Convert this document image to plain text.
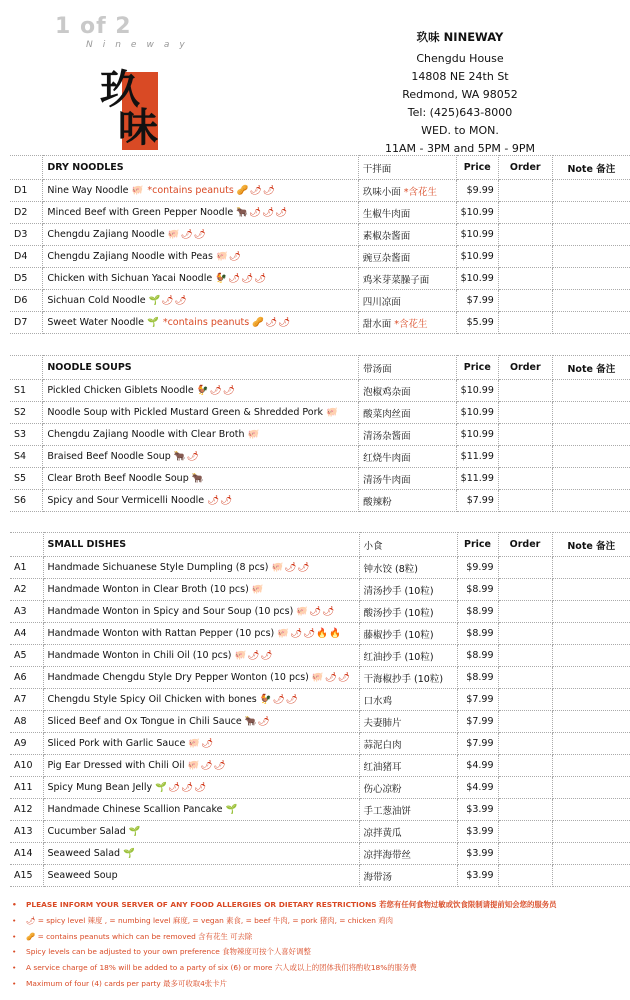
1 of 2
Nineway
玖
味
玖味 NINEWAY
Chengdu House
14808 NE 24th St
Redmond, WA 98052
Tel: (425)643-8000
WED. to MON.
11AM - 3PM and 5PM - 9PM
	DRY NOODLES	干拌面	Price	Order	Note 备注
D1	Nine Way Noodle 🐖 *contains peanuts 🥜🌶🌶	玖味小面 *含花生	$9.99		
D2	Minced Beef with Green Pepper Noodle 🐂🌶🌶🌶	生椒牛肉面	$10.99		
D3	Chengdu Zajiang Noodle 🐖🌶🌶	素椒杂酱面	$10.99		
D4	Chengdu Zajiang Noodle with Peas 🐖🌶	豌豆杂酱面	$10.99		
D5	Chicken with Sichuan Yacai Noodle 🐓🌶🌶🌶	鸡米芽菜臊子面	$10.99		
D6	Sichuan Cold Noodle 🌱🌶🌶	四川凉面	$7.99		
D7	Sweet Water Noodle 🌱 *contains peanuts 🥜🌶🌶	甜水面 *含花生	$5.99		
	NOODLE SOUPS	带汤面	Price	Order	Note 备注
S1	Pickled Chicken Giblets Noodle 🐓🌶🌶	泡椒鸡杂面	$10.99		
S2	Noodle Soup with Pickled Mustard Green & Shredded Pork 🐖	酸菜肉丝面	$10.99		
S3	Chengdu Zajiang Noodle with Clear Broth 🐖	清汤杂酱面	$10.99		
S4	Braised Beef Noodle Soup 🐂🌶	红烧牛肉面	$11.99		
S5	Clear Broth Beef Noodle Soup 🐂	清汤牛肉面	$11.99		
S6	Spicy and Sour Vermicelli Noodle 🌶🌶	酸辣粉	$7.99		
	SMALL DISHES	小食	Price	Order	Note 备注
A1	Handmade Sichuanese Style Dumpling (8 pcs) 🐖🌶🌶	钟水饺 (8粒)	$9.99		
A2	Handmade Wonton in Clear Broth (10 pcs) 🐖	清汤抄手 (10粒)	$8.99		
A3	Handmade Wonton in Spicy and Sour Soup (10 pcs) 🐖🌶🌶	酸汤抄手 (10粒)	$8.99		
A4	Handmade Wonton with Rattan Pepper (10 pcs) 🐖🌶🌶🔥🔥	藤椒抄手 (10粒)	$8.99		
A5	Handmade Wonton in Chili Oil (10 pcs) 🐖🌶🌶	红油抄手 (10粒)	$8.99		
A6	Handmade Chengdu Style Dry Pepper Wonton (10 pcs) 🐖🌶🌶	干海椒抄手 (10粒)	$8.99		
A7	Chengdu Style Spicy Oil Chicken with bones 🐓🌶🌶	口水鸡	$7.99		
A8	Sliced Beef and Ox Tongue in Chili Sauce 🐂🌶	夫妻肺片	$7.99		
A9	Sliced Pork with Garlic Sauce 🐖🌶	蒜泥白肉	$7.99		
A10	Pig Ear Dressed with Chili Oil 🐖🌶🌶	红油猪耳	$4.99		
A11	Spicy Mung Bean Jelly 🌱🌶🌶🌶	伤心凉粉	$4.99		
A12	Handmade Chinese Scallion Pancake 🌱	手工葱油饼	$3.99		
A13	Cucumber Salad 🌱	凉拌黄瓜	$3.99		
A14	Seaweed Salad 🌱	凉拌海带丝	$3.99		
A15	Seaweed Soup	海带汤	$3.99		
• PLEASE INFORM YOUR SERVER OF ANY FOOD ALLERGIES OR DIETARY RESTRICTIONS 若您有任何食物过敏或饮食限制请提前知会您的服务员
• 🌶 = spicy level 辣度 , = numbing level 麻度, = vegan 素食, = beef 牛肉, = pork 猪肉, = chicken 鸡肉
• 🥜 = contains peanuts which can be removed 含有花生 可去除
• Spicy levels can be adjusted to your own preference 食物辣度可按个人喜好调整
• A service charge of 18% will be added to a party of six (6) or more 六人或以上的团体我们将酌收18%的服务费
• Maximum of four (4) cards per party 最多可收取4张卡片
